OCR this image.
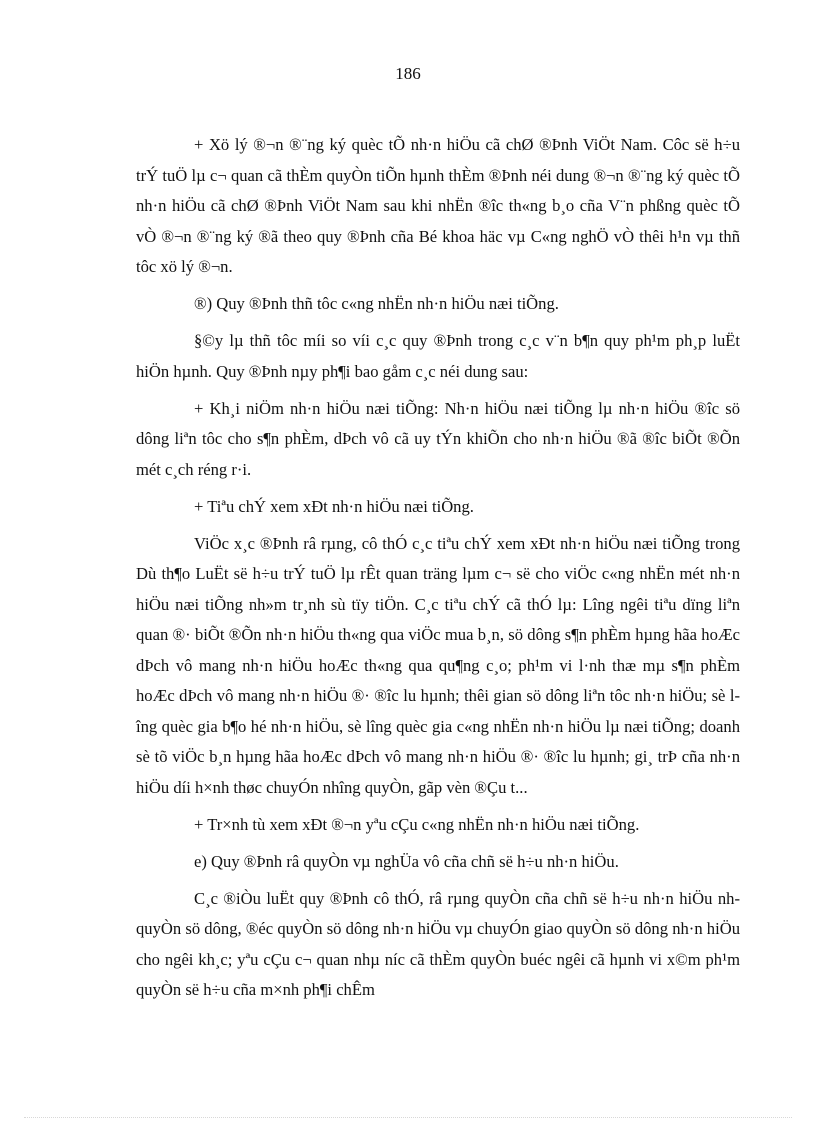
186

+ Xö lý ®¬n ®¨ng ký quèc tÕ nh·n hiÖu cã chØ ®Þnh ViÖt Nam. Côc së h÷u trÝ tuÖ lµ c¬ quan cã thÈm quyÒn tiÕn hµnh thÈm ®Þnh néi dung ®¬n ®¨ng ký quèc tÕ nh·n hiÖu cã chØ ®Þnh ViÖt Nam sau khi nhËn ®îc th«ng b¸o cña V¨n phßng quèc tÕ vÒ ®¬n ®¨ng ký ®ã theo quy ®Þnh cña Bé khoa häc vµ C«ng nghÖ vÒ thêi h¹n vµ thñ tôc xö lý ®¬n.

®) Quy ®Þnh thñ tôc c«ng nhËn nh·n hiÖu næi tiÕng.

§©y lµ thñ tôc míi so víi c¸c quy ®Þnh trong c¸c v¨n b¶n quy ph¹m ph¸p luËt hiÖn hµnh. Quy ®Þnh nµy ph¶i bao gåm c¸c néi dung sau:

+ Kh¸i niÖm nh·n hiÖu næi tiÕng: Nh·n hiÖu næi tiÕng lµ nh·n hiÖu ®îc sö dông liªn tôc cho s¶n phÈm, dÞch vô cã uy tÝn khiÕn cho nh·n hiÖu ®ã ®îc biÕt ®Õn mét c¸ch réng r·i.

+ Tiªu chÝ xem xÐt nh·n hiÖu næi tiÕng.

ViÖc x¸c ®Þnh râ rµng, cô thÓ c¸c tiªu chÝ xem xÐt nh·n hiÖu næi tiÕng trong Dù th¶o LuËt së h÷u trÝ tuÖ lµ rÊt quan träng lµm c¬ së cho viÖc c«ng nhËn mét nh·n hiÖu næi tiÕng nh»m tr¸nh sù tïy tiÖn. C¸c tiªu chÝ cã thÓ lµ: Lîng ngêi tiªu dïng liªn quan ®· biÕt ®Õn nh·n hiÖu th«ng qua viÖc mua b¸n, sö dông s¶n phÈm hµng hãa hoÆc dÞch vô mang nh·n hiÖu hoÆc th«ng qua qu¶ng c¸o; ph¹m vi l·nh thæ mµ s¶n phÈm hoÆc dÞch vô mang nh·n hiÖu ®· ®îc lu hµnh; thêi gian sö dông liªn tôc nh·n hiÖu; sè lîng quèc gia b¶o hé nh·n hiÖu, sè lîng quèc gia c«ng nhËn nh·n hiÖu lµ næi tiÕng; doanh sè tõ viÖc b¸n hµng hãa hoÆc dÞch vô mang nh·n hiÖu ®· ®îc lu hµnh; gi¸ trÞ cña nh·n hiÖu díi h×nh thøc chuyÓn nhîng quyÒn, gãp vèn ®Çu t...

+ Tr×nh tù xem xÐt ®¬n yªu cÇu c«ng nhËn nh·n hiÖu næi tiÕng.

e) Quy ®Þnh râ quyÒn vµ nghÜa vô cña chñ së h÷u nh·n hiÖu.

C¸c ®iÒu luËt quy ®Þnh cô thÓ, râ rµng quyÒn cña chñ së h÷u nh·n hiÖu nh quyÒn sö dông, ®éc quyÒn sö dông nh·n hiÖu vµ chuyÓn giao quyÒn sö dông nh·n hiÖu cho ngêi kh¸c; yªu cÇu c¬ quan nhµ níc cã thÈm quyÒn buéc ngêi cã hµnh vi x©m ph¹m quyÒn së h÷u cña m×nh ph¶i chÊm
